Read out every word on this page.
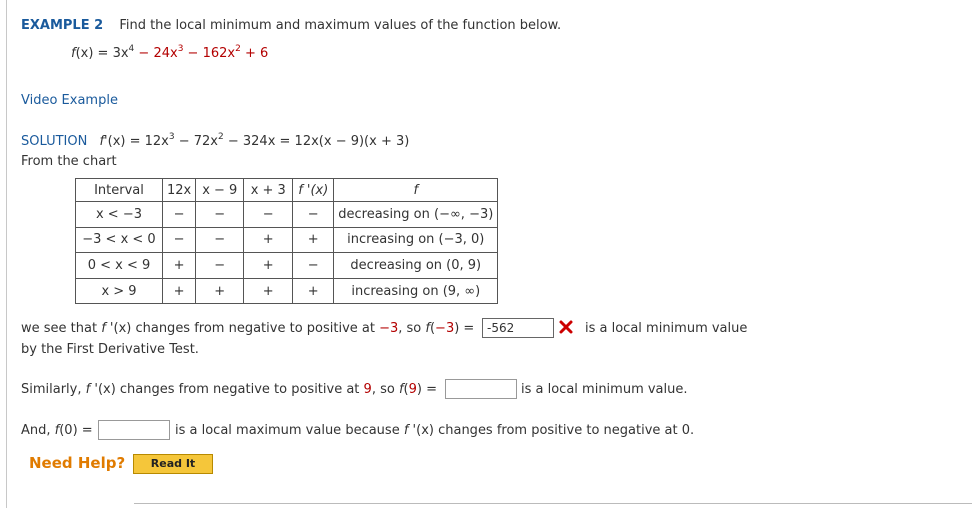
EXAMPLE 2 Find the local minimum and maximum values of the function below.
$f(x) = 3x^4 - 24x^3 - 162x^2 + 6$
Video Example
SOLUTION $f'(x) = 12x^3 - 72x^2 - 324x = 12x(x - 9)(x + 3)$
From the chart
Interval	12x	x − 9	x + 3	f '(x)	f
x < −3	−	−	−	−	decreasing on (−∞, −3)
−3 < x < 0	−	−	+	+	increasing on (−3, 0)
0 < x < 9	+	−	+	−	decreasing on (0, 9)
x > 9	+	+	+	+	increasing on (9, ∞)
we see that f '(x) changes from negative to positive at −3, so f(−3) =	-562	is a local minimum value
by the First Derivative Test.
Similarly, f '(x) changes from negative to positive at 9, so f(9) =	is a local minimum value.
And, f(0) =	is a local maximum value because f '(x) changes from positive to negative at 0.
Need Help?	Read It
